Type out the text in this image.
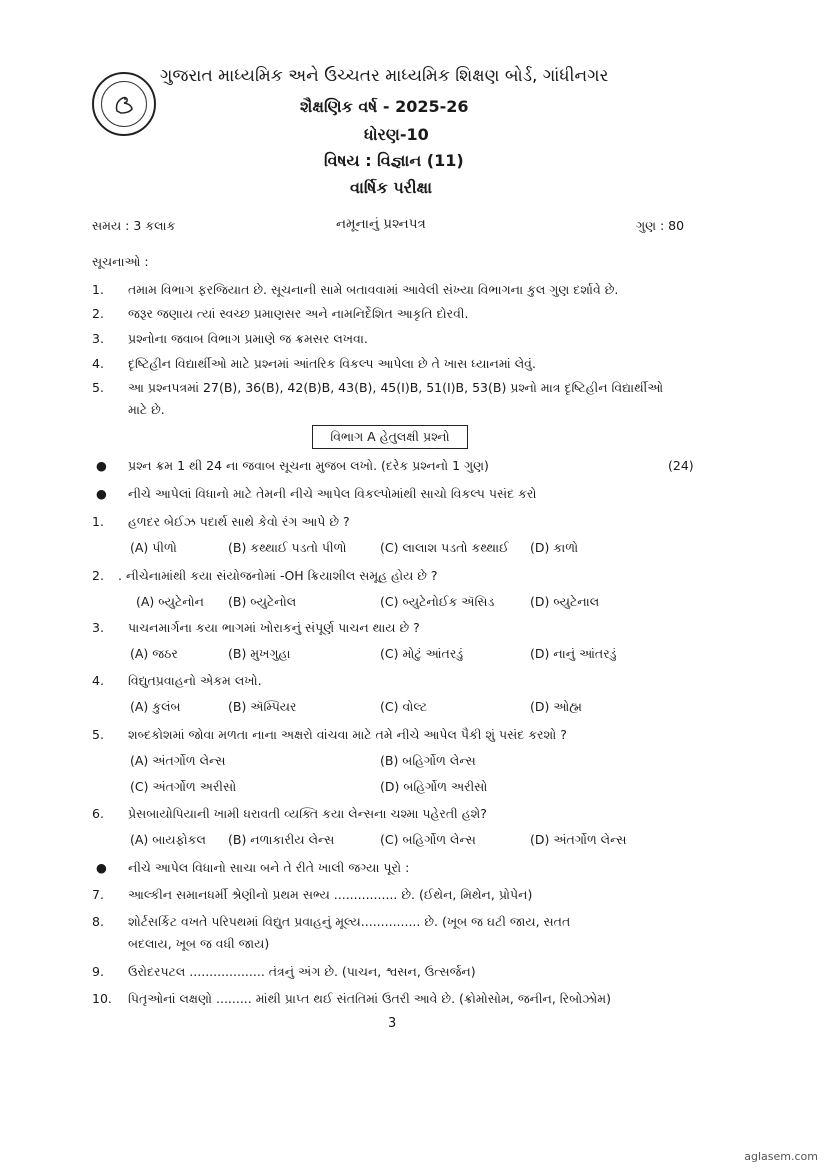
ગુજરાત માધ્યમિક અને ઉચ્ચતર માધ્યમિક શિક્ષણ બોર્ડ, ગાંધીનગર
શૈક્ષણિક વર્ષ - 2025-26
ધોરણ-10
વિષય : વિજ્ઞાન (11)
વાર્ષિક પરીક્ષા
સમય : 3 કલાક	નમૂનાનું પ્રશ્નપત્ર	ગુણ : 80
સૂચનાઓ :
1.	તમામ વિભાગ ફરજિયાત છે. સૂચનાની સામે બતાવવામાં આવેલી સંખ્યા વિભાગના કુલ ગુણ દર્શાવે છે.
2.	જરૂર જણાય ત્યાં સ્વચ્છ પ્રમાણસર અને નામનિર્દેશિત આકૃતિ દોરવી.
3.	પ્રશ્નોના જવાબ વિભાગ પ્રમાણે જ ક્રમસર લખવા.
4.	દૃષ્ટિહીન વિદ્યાર્થીઓ માટે પ્રશ્નમાં આંતરિક વિકલ્પ આપેલા છે તે ખાસ ધ્યાનમાં લેવું.
5.	આ પ્રશ્નપત્રમાં 27(B), 36(B), 42(B)B, 43(B), 45(I)B, 51(I)B, 53(B) પ્રશ્નો માત્ર દૃષ્ટિહીન વિદ્યાર્થીઓ
માટે છે.
વિભાગ A હેતુલક્ષી પ્રશ્નો
● પ્રશ્ન ક્રમ 1 થી 24 ના જવાબ સૂચના મુજબ લખો. (દરેક પ્રશ્નનો 1 ગુણ)	(24)
● નીચે આપેલાં વિધાનો માટે તેમની નીચે આપેલ વિકલ્પોમાંથી સાચો વિકલ્પ પસંદ કરો
1.	હળદર બેઈઝ પદાર્થ સાથે કેવો રંગ આપે છે ?
(A) પીળો	(B) કથ્થાઈ પડતો પીળો	(C) લાલાશ પડતો કથ્થાઈ (D) કાળો
2.	. નીચેનામાંથી કયા સંયોજનોમાં -OH ક્રિયાશીલ સમૂહ હોય છે ?
(A) બ્યુટેનોન (B) બ્યુટેનોલ	(C) બ્યુટેનોઈક ઍસિડ	(D) બ્યુટેનાલ
3.	પાચનમાર્ગના કયા ભાગમાં ખોરાકનું સંપૂર્ણ પાચન થાય છે ?
(A) જઠર	(B) મુખગુહા	(C) મોટું આંતરડું	(D) નાનું આંતરડું
4.	વિદ્યુતપ્રવાહનો એકમ લખો.
(A) કુલંબ	(B) ઍમ્પિયર	(C) વોલ્ટ	(D) ઓહ્મ
5.	શબ્દકોશમાં જોવા મળતા નાના અક્ષરો વાંચવા માટે તમે નીચે આપેલ પૈકી શું પસંદ કરશો ?
(A) અંતર્ગોળ લેન્સ	(B) બહિર્ગોળ લેન્સ
(C) અંતર્ગોળ અરીસો	(D) બહિર્ગોળ અરીસો
6.	પ્રેસબાયોપિયાની ખામી ધરાવતી વ્યક્તિ કયા લેન્સના ચશ્મા પહેરતી હશે?
(A) બાયફોકલ (B) નળાકારીય લેન્સ	(C) બહિર્ગોળ લેન્સ	(D) અંતર્ગોળ લેન્સ
● નીચે આપેલ વિધાનો સાચા બને તે રીતે ખાલી જગ્યા પૂરો :
7.	આલ્કીન સમાનધર્મી શ્રેણીનો પ્રથમ સભ્ય ................ છે. (ઈથેન, મિથેન, પ્રોપેન)
8.	શોર્ટસર્કિટ વખતે પરિપથમાં વિદ્યુત પ્રવાહનું મૂલ્ય............... છે. (ખૂબ જ ઘટી જાય, સતત
બદલાય, ખૂબ જ વધી જાય)
9.	ઉરોદરપટલ ................... તંત્રનું અંગ છે. (પાચન, શ્વસન, ઉત્સર્જન)
10.	પિતૃઓનાં લક્ષણો ......... માંથી પ્રાપ્ત થઈ સંતતિમાં ઉતરી આવે છે. (ક્રોમોસોમ, જનીન, રિબોઝોમ)
3
aglasem.com
